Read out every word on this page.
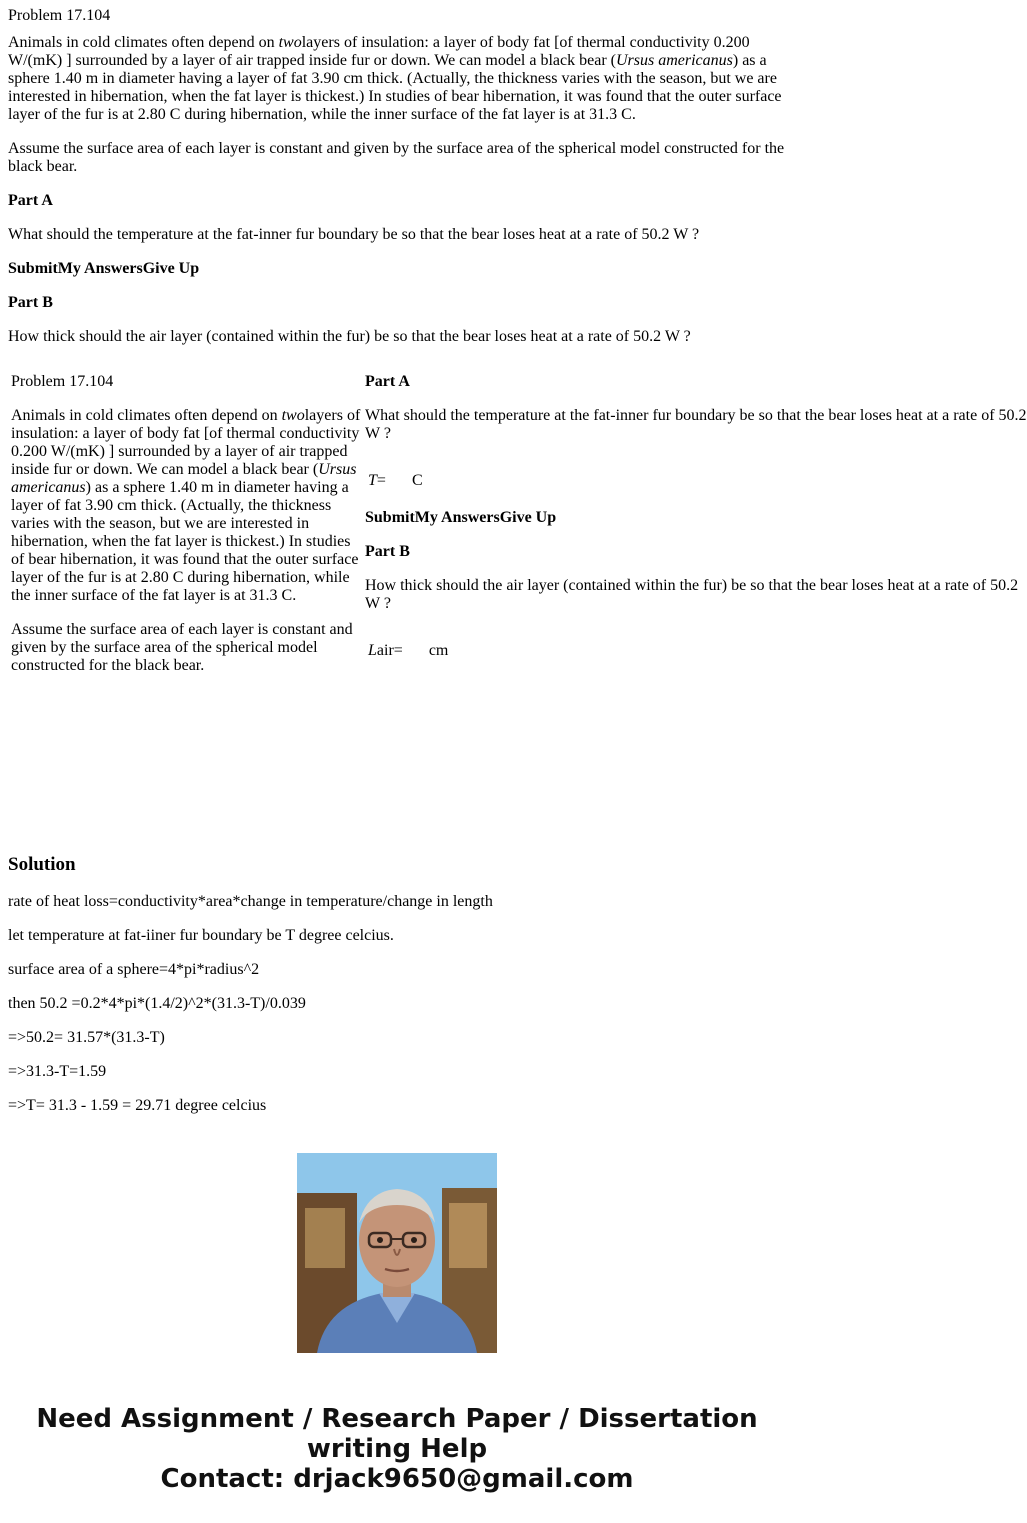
Problem 17.104

Animals in cold climates often depend on twolayers of insulation: a layer of body fat [of thermal conductivity 0.200 W/(mK) ] surrounded by a layer of air trapped inside fur or down. We can model a black bear (Ursus americanus) as a sphere 1.40 m in diameter having a layer of fat 3.90 cm thick. (Actually, the thickness varies with the season, but we are interested in hibernation, when the fat layer is thickest.) In studies of bear hibernation, it was found that the outer surface layer of the fur is at 2.80 C during hibernation, while the inner surface of the fat layer is at 31.3 C.

Assume the surface area of each layer is constant and given by the surface area of the spherical model constructed for the black bear.

Part A

What should the temperature at the fat-inner fur boundary be so that the bear loses heat at a rate of 50.2 W ?

SubmitMy AnswersGive Up

Part B

How thick should the air layer (contained within the fur) be so that the bear loses heat at a rate of 50.2 W ?

Problem 17.104

Animals in cold climates often depend on twolayers of insulation: a layer of body fat [of thermal conductivity 0.200 W/(mK) ] surrounded by a layer of air trapped inside fur or down. We can model a black bear (Ursus americanus) as a sphere 1.40 m in diameter having a layer of fat 3.90 cm thick. (Actually, the thickness varies with the season, but we are interested in hibernation, when the fat layer is thickest.) In studies of bear hibernation, it was found that the outer surface layer of the fur is at 2.80 C during hibernation, while the inner surface of the fat layer is at 31.3 C.

Assume the surface area of each layer is constant and given by the surface area of the spherical model constructed for the black bear.

Part A

What should the temperature at the fat-inner fur boundary be so that the bear loses heat at a rate of 50.2

W ?

T= C

SubmitMy AnswersGive Up

Part B

How thick should the air layer (contained within the fur) be so that the bear loses heat at a rate of 50.2

W ?

Lair= cm

Solution

rate of heat loss=conductivity*area*change in temperature/change in length

let temperature at fat-iiner fur boundary be T degree celcius.

surface area of a sphere=4*pi*radius^2

then 50.2 =0.2*4*pi*(1.4/2)^2*(31.3-T)/0.039

=>50.2= 31.57*(31.3-T)

=>31.3-T=1.59

=>T= 31.3 - 1.59 = 29.71 degree celcius

Need Assignment / Research Paper / Dissertation
writing Help
Contact: drjack9650@gmail.com
